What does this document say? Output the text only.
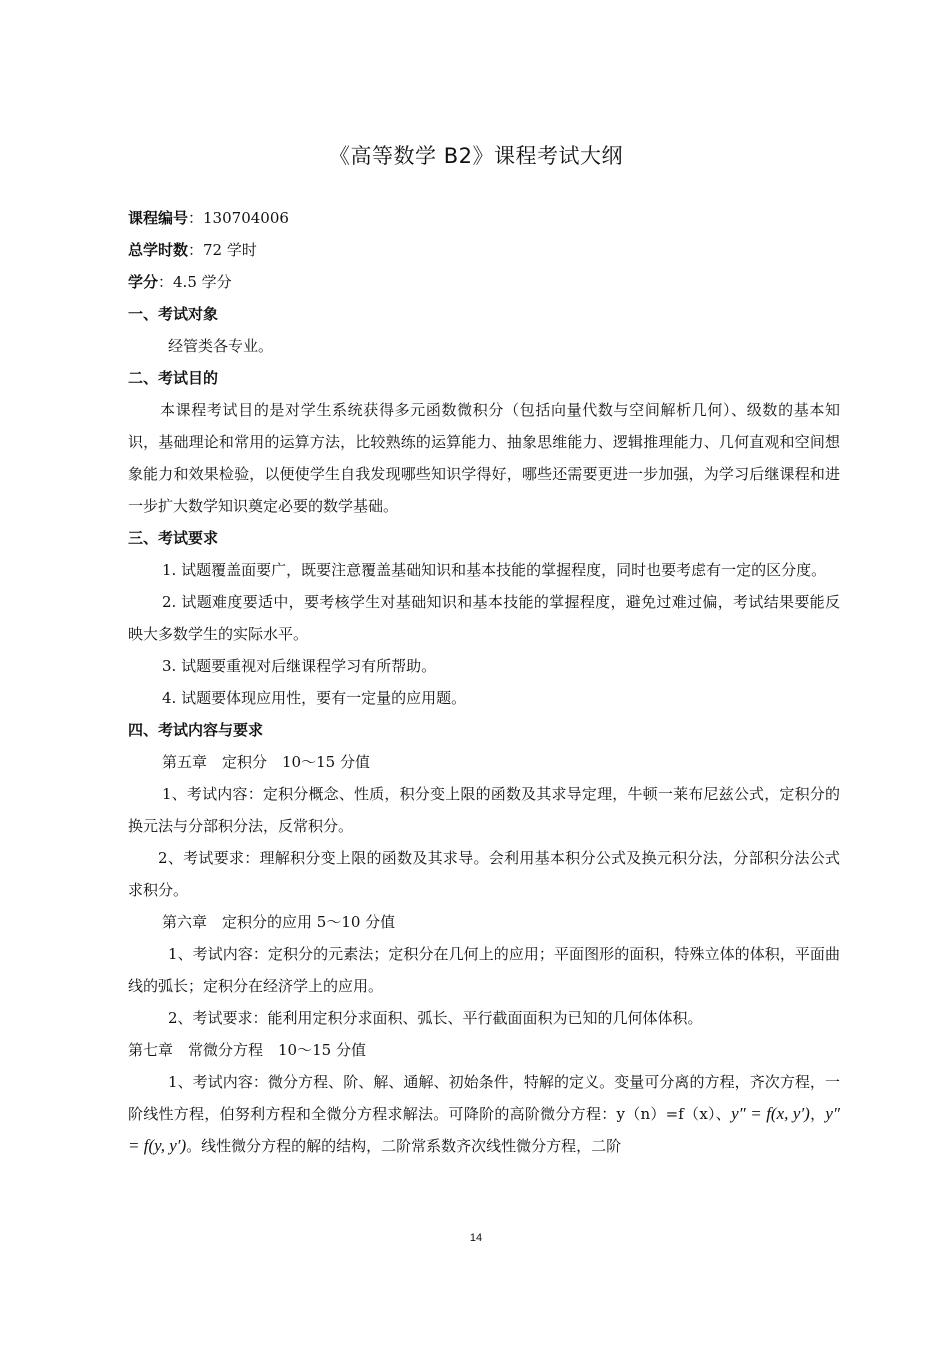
《高等数学 B2》课程考试大纲
课程编号：130704006
总学时数：72 学时
学分：4.5 学分
一、考试对象
经管类各专业。
二、考试目的
本课程考试目的是对学生系统获得多元函数微积分（包括向量代数与空间解析几何）、级数的基本知识，基础理论和常用的运算方法，比较熟练的运算能力、抽象思维能力、逻辑推理能力、几何直观和空间想象能力和效果检验，以便使学生自我发现哪些知识学得好，哪些还需要更进一步加强，为学习后继课程和进一步扩大数学知识奠定必要的数学基础。
三、考试要求
1. 试题覆盖面要广，既要注意覆盖基础知识和基本技能的掌握程度，同时也要考虑有一定的区分度。
2. 试题难度要适中，要考核学生对基础知识和基本技能的掌握程度，避免过难过偏，考试结果要能反映大多数学生的实际水平。
3. 试题要重视对后继课程学习有所帮助。
4. 试题要体现应用性，要有一定量的应用题。
四、考试内容与要求
第五章　定积分　10～15 分值
1、考试内容：定积分概念、性质，积分变上限的函数及其求导定理，牛顿一莱布尼兹公式，定积分的换元法与分部积分法，反常积分。
2、考试要求：理解积分变上限的函数及其求导。会利用基本积分公式及换元积分法，分部积分法公式求积分。
第六章　定积分的应用 5～10 分值
1、考试内容：定积分的元素法；定积分在几何上的应用；平面图形的面积，特殊立体的体积，平面曲线的弧长；定积分在经济学上的应用。
2、考试要求：能利用定积分求面积、弧长、平行截面面积为已知的几何体体积。
第七章　常微分方程　10～15 分值
1、考试内容：微分方程、阶、解、通解、初始条件，特解的定义。变量可分离的方程，齐次方程，一阶线性方程，伯努利方程和全微分方程求解法。可降阶的高阶微分方程：y（n）=f（x）、y″ = f(x, y′)，y″ = f(y, y′)。线性微分方程的解的结构，二阶常系数齐次线性微分方程，二阶
14
